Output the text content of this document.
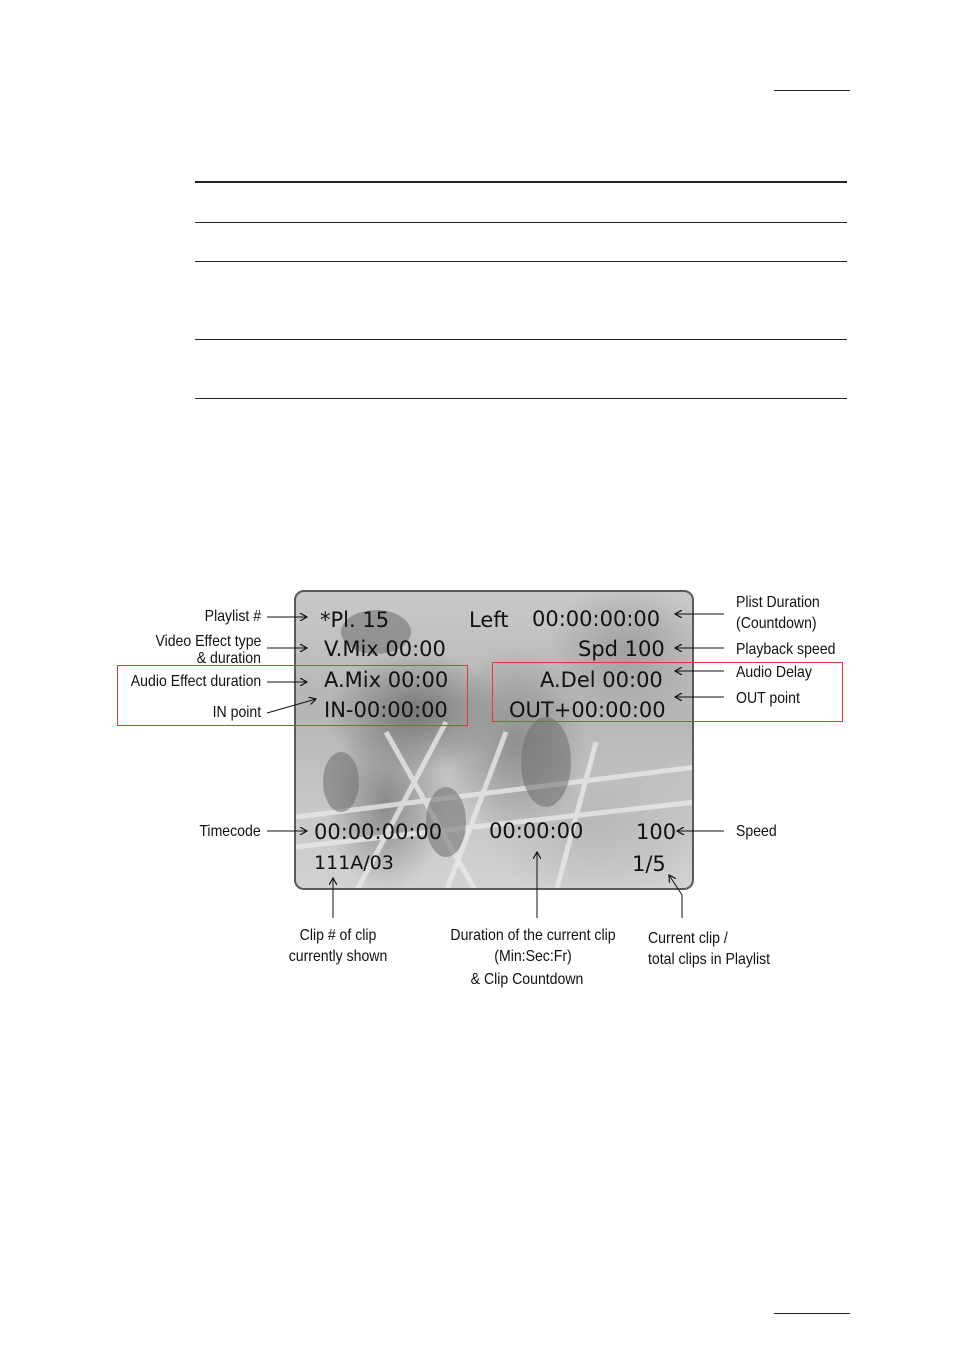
*Pl. 15	Left 00:00:00:00
V.Mix 00:00	Spd 100
A.Mix 00:00	A.Del 00:00
IN-00:00:00	OUT+00:00:00
00:00:00:00 00:00:00	100
111A/03	1/5
Playlist #
Video Effect type
& duration
Audio Effect duration
IN point
Timecode
Plist Duration
(Countdown)
Playback speed
Audio Delay
OUT point
Speed
Clip # of clip
currently shown
Duration of the current clip
(Min:Sec:Fr)
& Clip Countdown
Current clip /
total clips in Playlist
